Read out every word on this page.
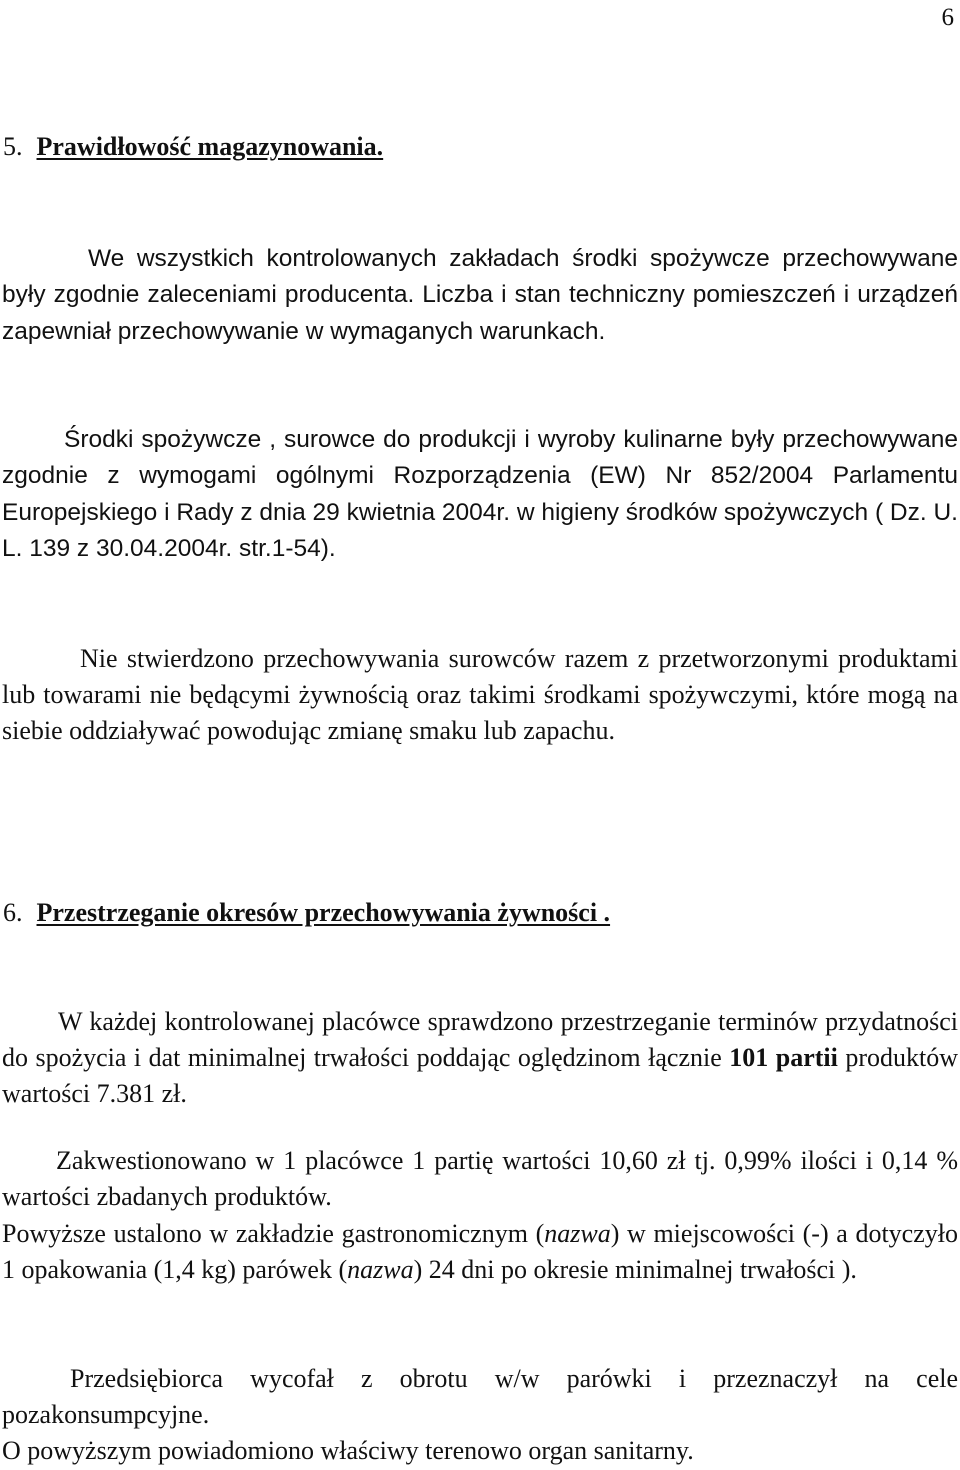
6
5. Prawidłowość magazynowania.

We wszystkich kontrolowanych zakładach środki spożywcze przechowywane były zgodnie zaleceniami producenta. Liczba i stan techniczny pomieszczeń i urządzeń zapewniał przechowywanie w wymaganych warunkach.

Środki spożywcze , surowce do produkcji i wyroby kulinarne były przechowywane zgodnie z wymogami ogólnymi Rozporządzenia (EW) Nr 852/2004 Parlamentu Europejskiego i Rady z dnia 29 kwietnia 2004r. w higieny środków spożywczych ( Dz. U. L. 139 z 30.04.2004r. str.1-54).

Nie stwierdzono przechowywania surowców razem z przetworzonymi produktami lub towarami nie będącymi żywnością oraz takimi środkami spożywczymi, które mogą na siebie oddziaływać powodując zmianę smaku lub zapachu.

6. Przestrzeganie okresów przechowywania żywności .

W każdej kontrolowanej placówce sprawdzono przestrzeganie terminów przydatności do spożycia i dat minimalnej trwałości poddając oględzinom łącznie 101 partii produktów wartości 7.381 zł.

Zakwestionowano w 1 placówce 1 partię wartości 10,60 zł tj. 0,99% ilości i 0,14 % wartości zbadanych produktów.

Powyższe ustalono w zakładzie gastronomicznym (nazwa) w miejscowości (-) a dotyczyło 1 opakowania (1,4 kg) parówek (nazwa) 24 dni po okresie minimalnej trwałości ).

Przedsiębiorca wycofał z obrotu w/w parówki i przeznaczył na cele pozakonsumpcyjne.

O powyższym powiadomiono właściwy terenowo organ sanitarny.
